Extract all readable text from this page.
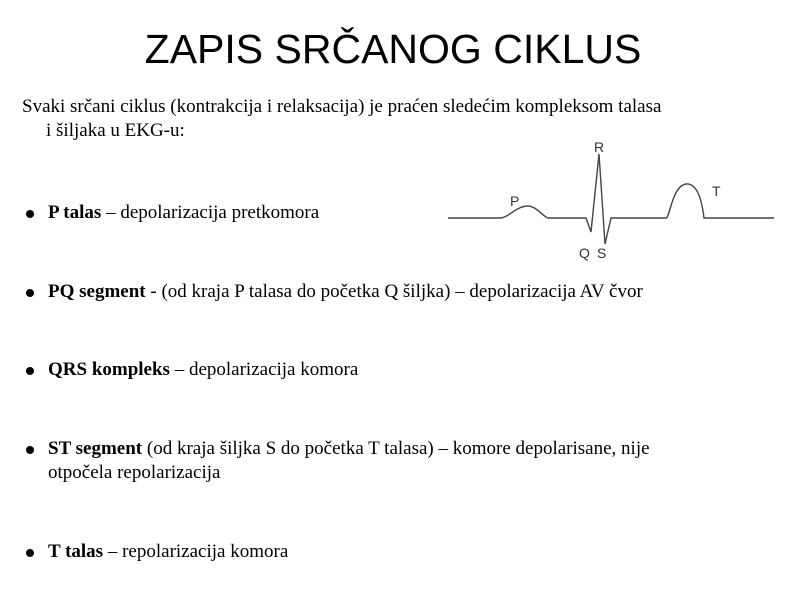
ZAPIS SRČANOG CIKLUS
Svaki srčani ciklus (kontrakcija i relaksacija) je praćen sledećim kompleksom talasa
i šiljaka u EKG-u:
P talas – depolarizacija pretkomora
PQ segment - (od kraja P talasa do početka Q šiljka) – depolarizacija AV čvor
QRS kompleks – depolarizacija komora
ST segment (od kraja šiljka S do početka T talasa) – komore depolarisane, nije
otpočela repolarizacija
T talas – repolarizacija komora
P
R
Q S
T
